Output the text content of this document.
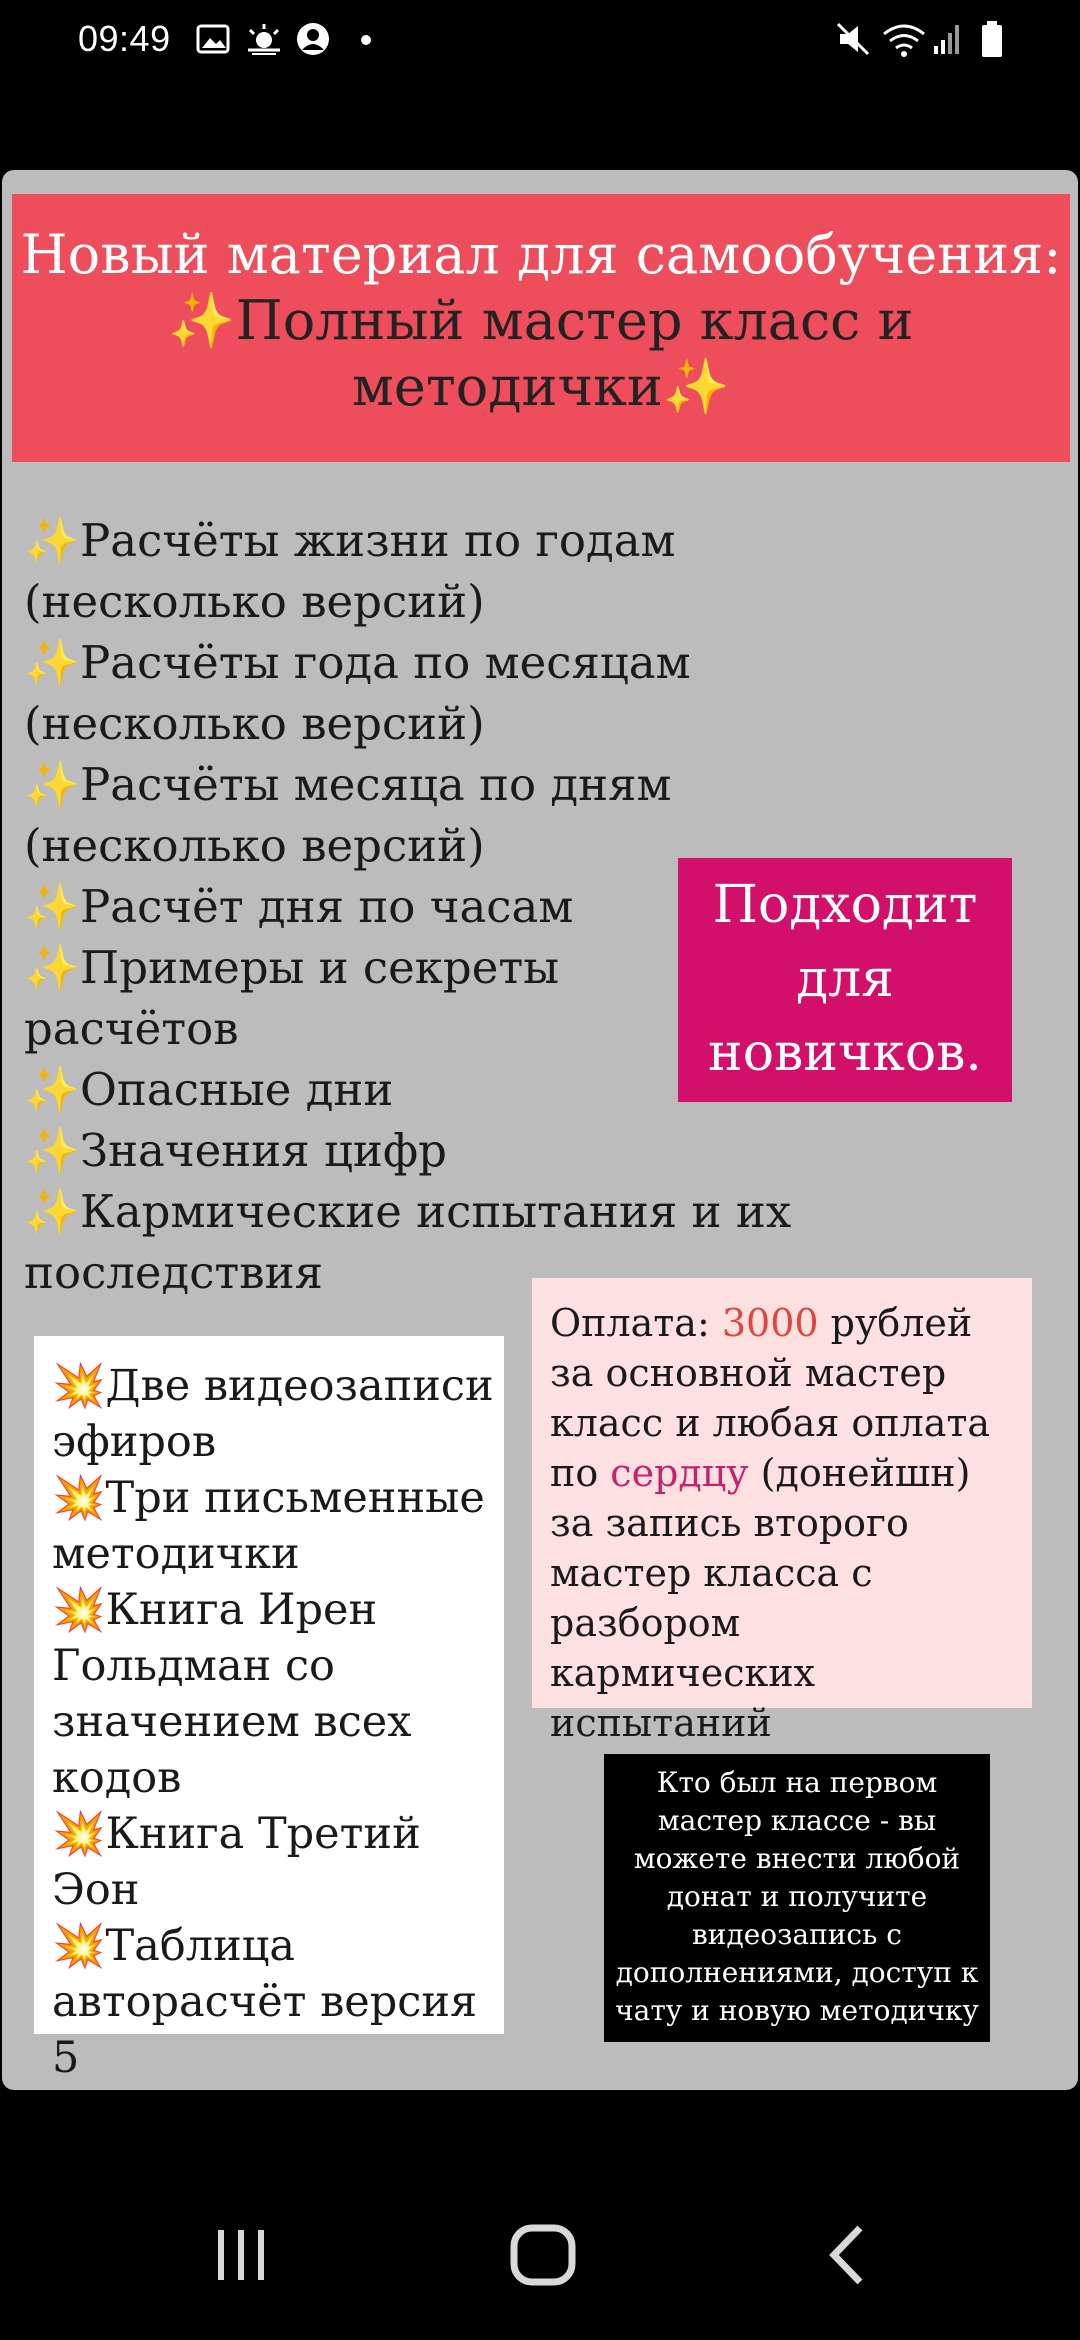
09:49
Новый материал для самообучения:
✨Полный мастер класс и
методички✨
✨Расчёты жизни по годам (несколько версий)
✨Расчёты года по месяцам (несколько версий)
✨Расчёты месяца по дням (несколько версий)
✨Расчёт дня по часам
✨Примеры и секреты расчётов
✨Опасные дни
✨Значения цифр
✨Кармические испытания и их последствия
Подходит
для
новичков.
Оплата: 3000 рублей за основной мастер класс и любая оплата по сердцу (донейшн) за запись второго мастер класса с разбором кармических испытаний
💥Две видеозаписи эфиров
💥Три письменные методички
💥Книга Ирен Гольдман со значением всех кодов
💥Книга Третий Эон
💥Таблица авторасчёт версия 5
Кто был на первом мастер классе - вы можете внести любой донат и получите видеозапись с дополнениями, доступ к чату и новую методичку
